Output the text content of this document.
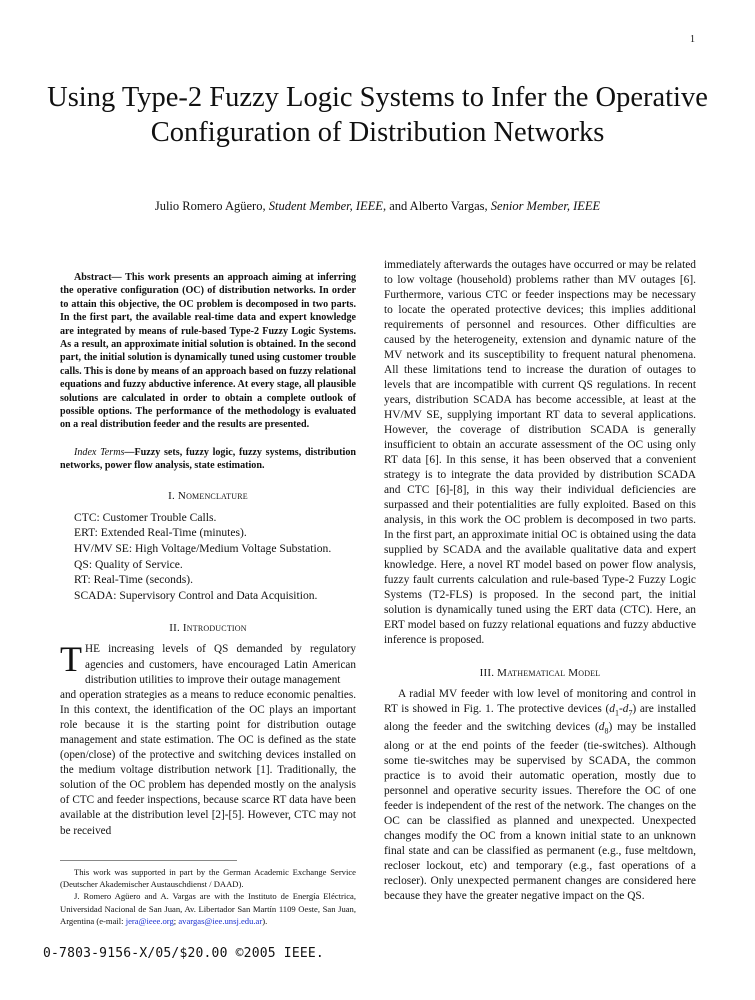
1
Using Type-2 Fuzzy Logic Systems to Infer the Operative Configuration of Distribution Networks
Julio Romero Agüero, Student Member, IEEE, and Alberto Vargas, Senior Member, IEEE

Abstract— This work presents an approach aiming at inferring the operative configuration (OC) of distribution networks. In order to attain this objective, the OC problem is decomposed in two parts. In the first part, the available real-time data and expert knowledge are integrated by means of rule-based Type-2 Fuzzy Logic Systems. As a result, an approximate initial solution is obtained. In the second part, the initial solution is dynamically tuned using customer trouble calls. This is done by means of an approach based on fuzzy relational equations and fuzzy abductive inference. At every stage, all plausible solutions are calculated in order to obtain a complete outlook of possible options. The performance of the methodology is evaluated on a real distribution feeder and the results are presented.

Index Terms—Fuzzy sets, fuzzy logic, fuzzy systems, distribution networks, power flow analysis, state estimation.

I. Nomenclature
CTC: Customer Trouble Calls.
ERT: Extended Real-Time (minutes).
HV/MV SE: High Voltage/Medium Voltage Substation.
QS: Quality of Service.
RT: Real-Time (seconds).
SCADA: Supervisory Control and Data Acquisition.
II. Introduction
T HE increasing levels of QS demanded by regulatory agencies and customers, have encouraged Latin American distribution utilities to improve their outage management

and operation strategies as a means to reduce economic penalties. In this context, the identification of the OC plays an important role because it is the starting point for distribution outage management and state estimation. The OC is defined as the state (open/close) of the protective and switching devices installed on the medium voltage distribution network [1]. Traditionally, the solution of the OC problem has depended mostly on the analysis of CTC and feeder inspections, because scarce RT data have been available at the distribution level [2]-[5]. However, CTC may not be received

immediately afterwards the outages have occurred or may be related to low voltage (household) problems rather than MV outages [6]. Furthermore, various CTC or feeder inspections may be necessary to locate the operated protective devices; this implies additional requirements of personnel and resources. Other difficulties are caused by the heterogeneity, extension and dynamic nature of the MV network and its susceptibility to frequent natural phenomena. All these limitations tend to increase the duration of outages to levels that are incompatible with current QS regulations. In recent years, distribution SCADA has become accessible, at least at the HV/MV SE, supplying important RT data to several applications. However, the coverage of distribution SCADA is generally insufficient to obtain an accurate assessment of the OC using only RT data [6]. In this sense, it has been observed that a convenient strategy is to integrate the data provided by distribution SCADA and CTC [6]-[8], in this way their individual deficiencies are surpassed and their potentialities are fully exploited. Based on this analysis, in this work the OC problem is decomposed in two parts. In the first part, an approximate initial OC is obtained using the data supplied by SCADA and the available qualitative data and expert knowledge. Here, a novel RT model based on power flow analysis, fuzzy fault currents calculation and rule-based Type-2 Fuzzy Logic Systems (T2-FLS) is proposed. In the second part, the initial solution is dynamically tuned using the ERT data (CTC). Here, an ERT model based on fuzzy relational equations and fuzzy abductive inference is proposed.

III. Mathematical Model

A radial MV feeder with low level of monitoring and control in RT is showed in Fig. 1. The protective devices $(d_1-d_7)$ are installed along the feeder and the switching devices $(d_8)$ may be installed along or at the end points of the feeder (tie-switches). Although some tie-switches may be supervised by SCADA, the common practice is to avoid their automatic operation, mostly due to personnel and operative security issues. Therefore the OC of one feeder is independent of the rest of the network. The changes on the OC can be classified as planned and unexpected. Unexpected changes modify the OC from a known initial state to an unknown final state and can be classified as permanent (e.g., fuse meltdown, recloser lockout, etc) and temporary (e.g., fast operations of a recloser). Only unexpected permanent changes are considered here because they have the greater negative impact on the QS.

This work was supported in part by the German Academic Exchange Service (Deutscher Akademischer Austauschdienst / DAAD).

J. Romero Agüero and A. Vargas are with the Instituto de Energía Eléctrica, Universidad Nacional de San Juan, Av. Libertador San Martín 1109 Oeste, San Juan, Argentina (e-mail: jera@ieee.org; avargas@iee.unsj.edu.ar).

0-7803-9156-X/05/$20.00 ©2005 IEEE.
